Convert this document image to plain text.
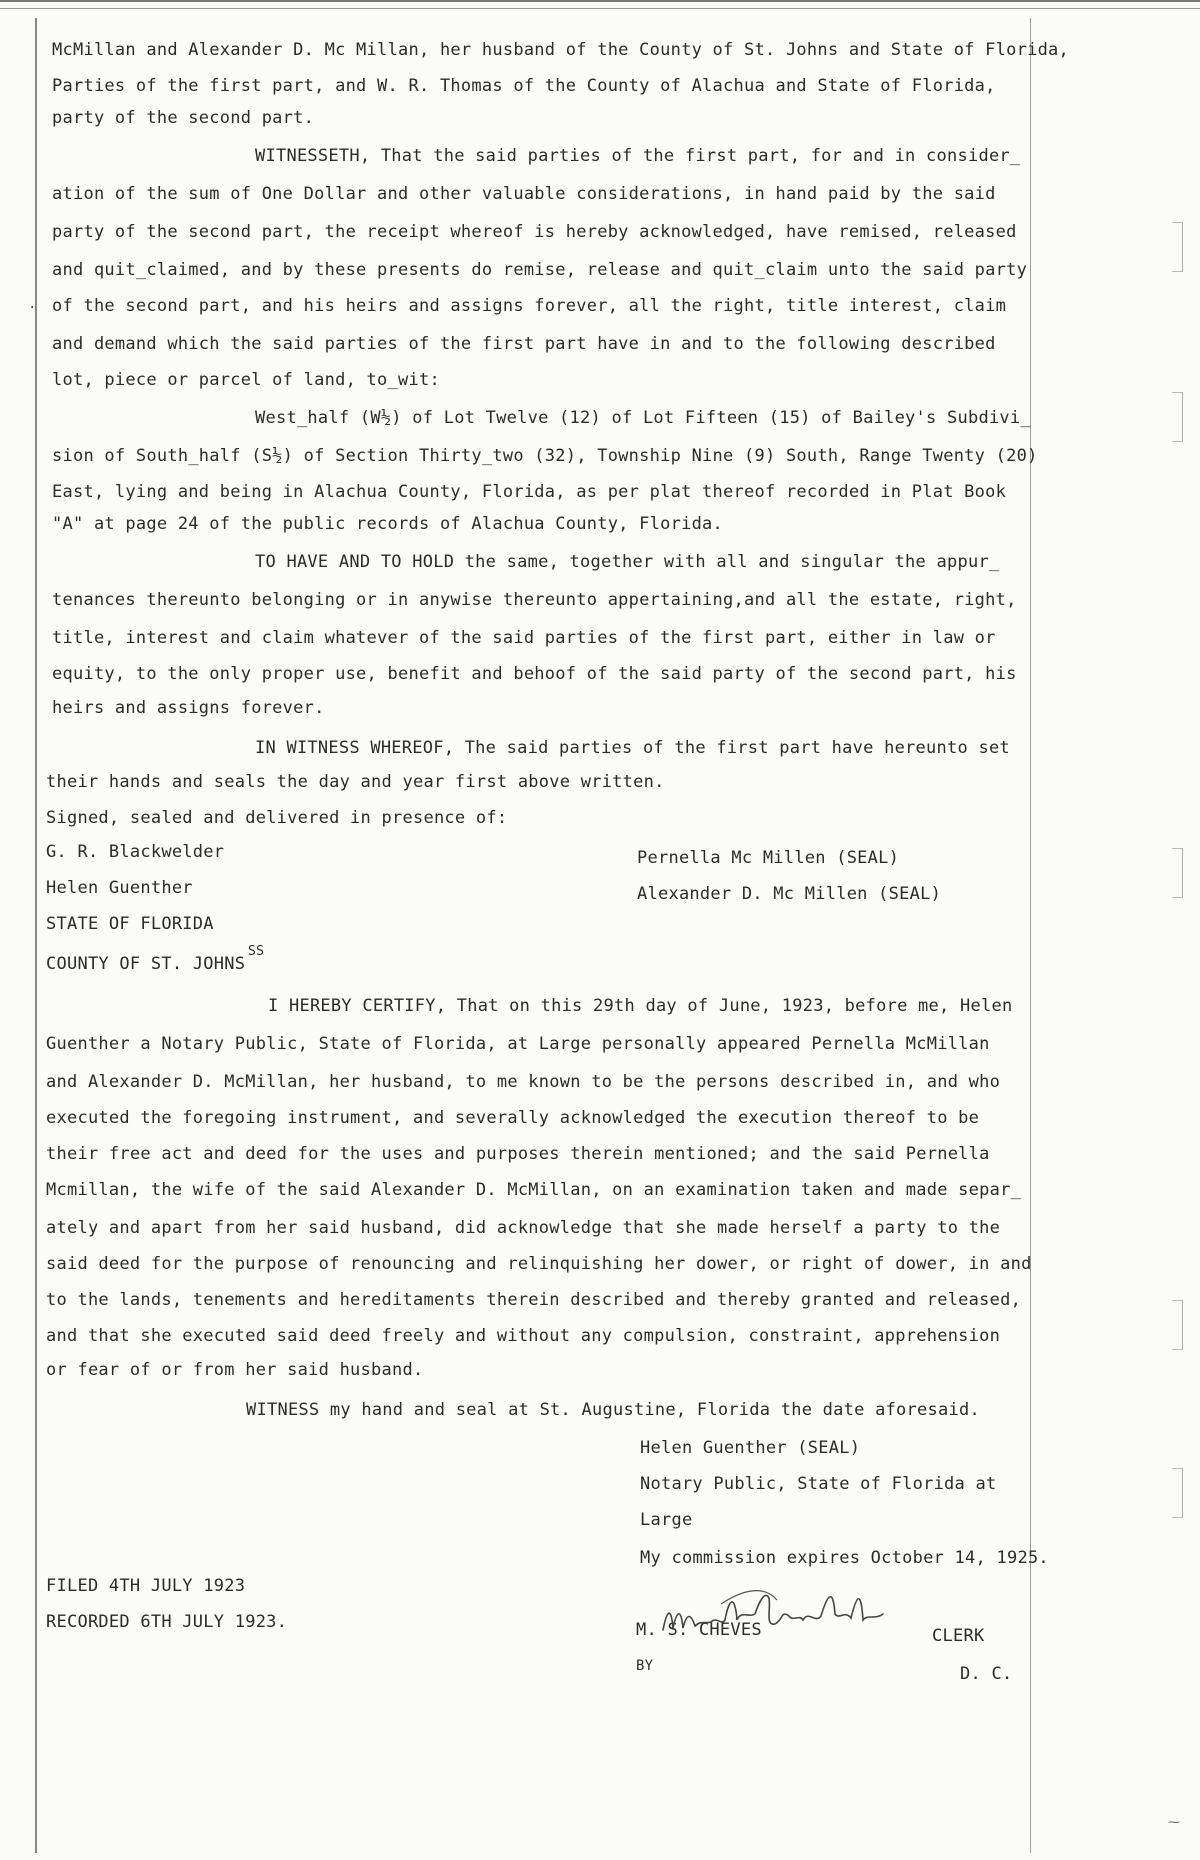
.
McMillan and Alexander D. Mc Millan, her husband of the County of St. Johns and State of Florida,
Parties of the first part, and W. R. Thomas of the County of Alachua and State of Florida,
party of the second part.
WITNESSETH, That the said parties of the first part, for and in consider_
ation of the sum of One Dollar and other valuable considerations, in hand paid by the said
party of the second part, the receipt whereof is hereby acknowledged, have remised, released
and quit_claimed, and by these presents do remise, release and quit_claim unto the said party
of the second part, and his heirs and assigns forever, all the right, title interest, claim
and demand which the said parties of the first part have in and to the following described
lot, piece or parcel of land, to_wit:
West_half (W½) of Lot Twelve (12) of Lot Fifteen (15) of Bailey's Subdivi_
sion of South_half (S½) of Section Thirty_two (32), Township Nine (9) South, Range Twenty (20)
East, lying and being in Alachua County, Florida, as per plat thereof recorded in Plat Book
"A" at page 24 of the public records of Alachua County, Florida.
TO HAVE AND TO HOLD the same, together with all and singular the appur_
tenances thereunto belonging or in anywise thereunto appertaining,and all the estate, right,
title, interest and claim whatever of the said parties of the first part, either in law or
equity, to the only proper use, benefit and behoof of the said party of the second part, his
heirs and assigns forever.
IN WITNESS WHEREOF, The said parties of the first part have hereunto set
their hands and seals the day and year first above written.
Signed, sealed and delivered in presence of:
G. R. Blackwelder	Pernella Mc Millen (SEAL)
Helen Guenther	Alexander D. Mc Millen (SEAL)
STATE OF FLORIDA
COUNTY OF ST. JOHNS
SS
I HEREBY CERTIFY, That on this 29th day of June, 1923, before me, Helen
Guenther a Notary Public, State of Florida, at Large personally appeared Pernella McMillan
and Alexander D. McMillan, her husband, to me known to be the persons described in, and who
executed the foregoing instrument, and severally acknowledged the execution thereof to be
their free act and deed for the uses and purposes therein mentioned; and the said Pernella
Mcmillan, the wife of the said Alexander D. McMillan, on an examination taken and made separ_
ately and apart from her said husband, did acknowledge that she made herself a party to the
said deed for the purpose of renouncing and relinquishing her dower, or right of dower, in and
to the lands, tenements and hereditaments therein described and thereby granted and released,
and that she executed said deed freely and without any compulsion, constraint, apprehension
or fear of or from her said husband.
WITNESS my hand and seal at St. Augustine, Florida the date aforesaid.
Helen Guenther (SEAL)
Notary Public, State of Florida at
Large
My commission expires October 14, 1925.
FILED 4TH JULY 1923
RECORDED 6TH JULY 1923.	M. S. CHEVES	CLERK
BY	D. C.
⁓
